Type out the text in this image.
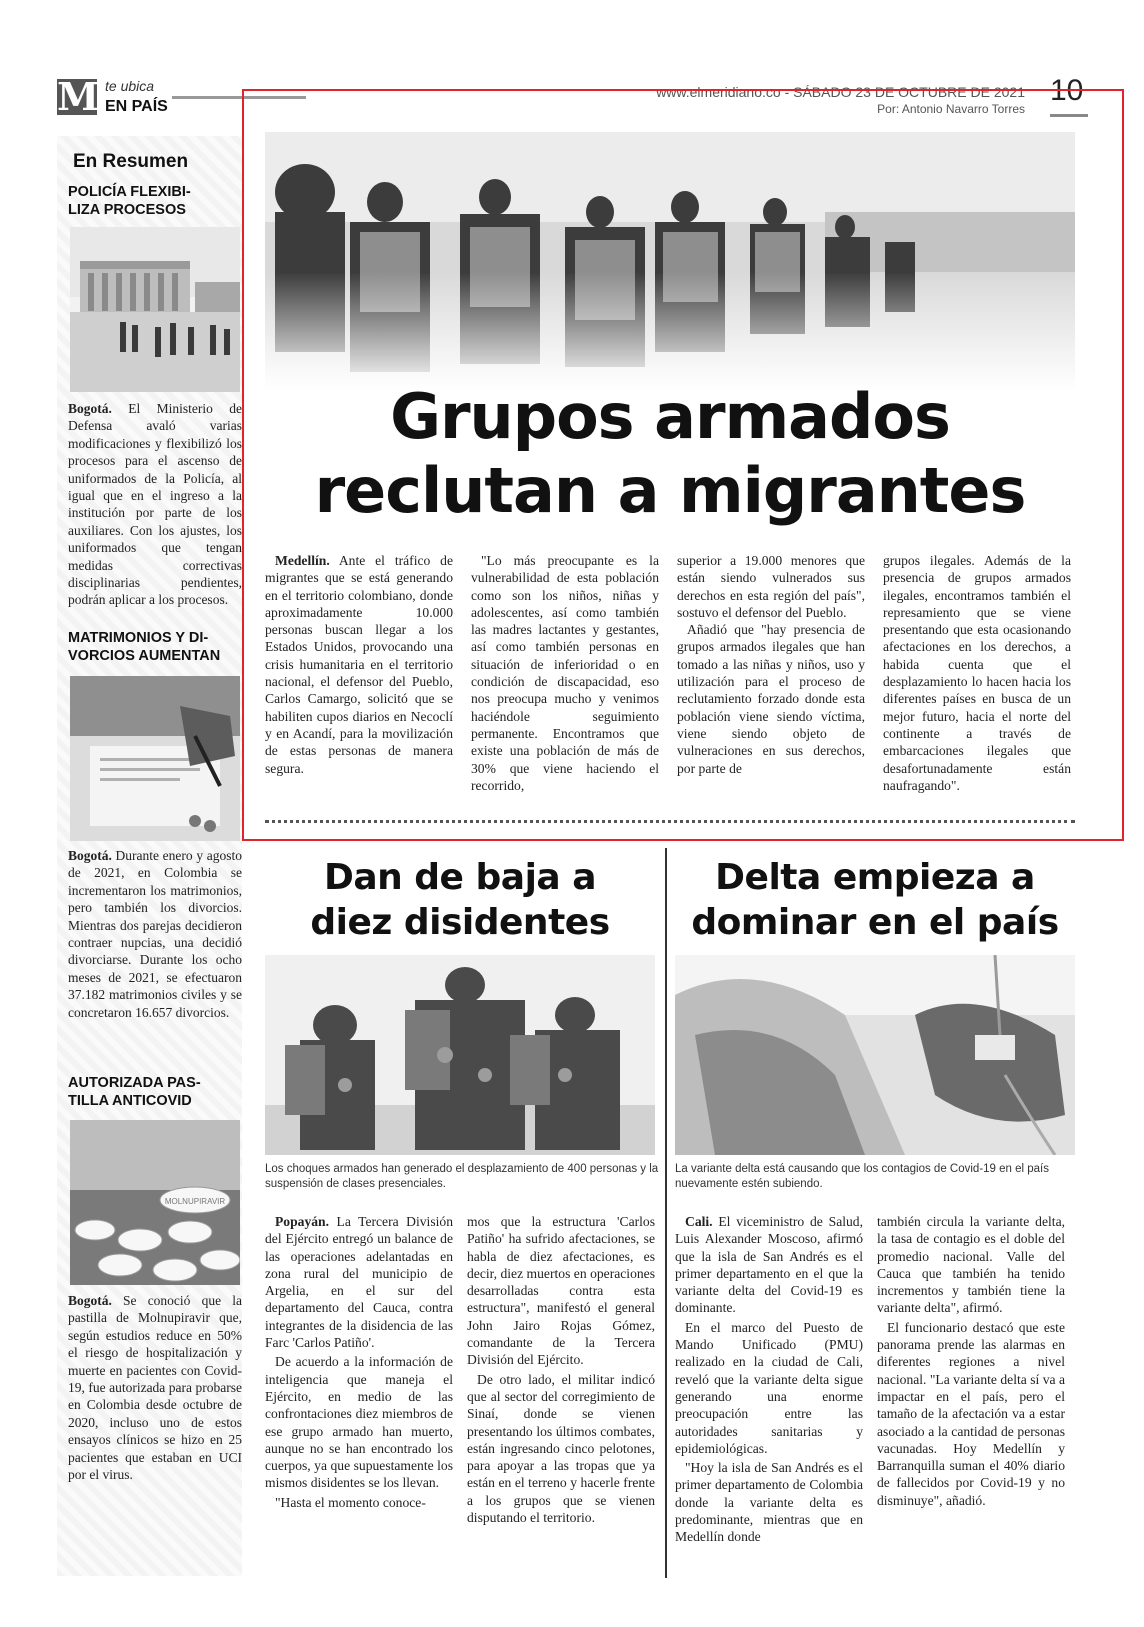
M te ubica
EN PAÍS
www.elmeridiano.co - SÁBADO 23 DE OCTUBRE DE 2021
Por: Antonio Navarro Torres
10
En Resumen
POLICÍA FLEXIBI-
LIZA PROCESOS
Bogotá. El Ministerio de Defensa avaló varias modificaciones y flexibilizó los procesos para el ascenso de uniformados de la Policía, al igual que en el ingreso a la institución por parte de los auxiliares. Con los ajustes, los uniformados que tengan medidas correctivas disciplinarias pendientes, podrán aplicar a los procesos.
MATRIMONIOS Y DI-
VORCIOS AUMENTAN
Bogotá. Durante enero y agosto de 2021, en Colombia se incrementaron los matrimonios, pero también los divorcios. Mientras dos parejas decidieron contraer nupcias, una decidió divorciarse. Durante los ocho meses de 2021, se efectuaron 37.182 matrimonios civiles y se concretaron 16.657 divorcios.
AUTORIZADA PAS-
TILLA ANTICOVID
MOLNUPIRAVIR
Bogotá. Se conoció que la pastilla de Molnupiravir que, según estudios reduce en 50% el riesgo de hospitalización y muerte en pacientes con Covid-19, fue autorizada para probarse en Colombia desde octubre de 2020, incluso uno de estos ensayos clínicos se hizo en 25 pacientes que estaban en UCI por el virus.
Grupos armados
reclutan a migrantes

Medellín. Ante el tráfico de migrantes que se está generando en el territorio colombiano, donde aproximadamente 10.000 personas buscan llegar a los Estados Unidos, provocando una crisis humanitaria en el territorio nacional, el defensor del Pueblo, Carlos Camargo, solicitó que se habiliten cupos diarios en Necoclí y en Acandí, para la movilización de estas personas de manera segura.

"Lo más preocupante es la vulnerabilidad de esta población como son los niños, niñas y adolescentes, así como también las madres lactantes y gestantes, así como también personas en situación de inferioridad o en condición de discapacidad, eso nos preocupa mucho y venimos haciéndole seguimiento permanente. Encontramos que existe una población de más de 30% que viene haciendo el recorrido,

superior a 19.000 menores que están siendo vulnerados sus derechos en esta región del país", sostuvo el defensor del Pueblo.

Añadió que "hay presencia de grupos armados ilegales que han tomado a las niñas y niños, uso y utilización para el proceso de reclutamiento forzado donde esta población viene siendo víctima, viene siendo objeto de vulneraciones en sus derechos, por parte de

grupos ilegales. Además de la presencia de grupos armados ilegales, encontramos también el represamiento que se viene presentando que esta ocasionando afectaciones en los derechos, a habida cuenta que el desplazamiento lo hacen hacia los diferentes países en busca de un mejor futuro, hacia el norte del continente a través de embarcaciones ilegales que desafortunadamente están naufragando".

Dan de baja a
diez disidentes
Los choques armados han generado el desplazamiento de 400 personas y la suspensión de clases presenciales.

Popayán. La Tercera División del Ejército entregó un balance de las operaciones adelantadas en zona rural del municipio de Argelia, en el sur del departamento del Cauca, contra integrantes de la disidencia de las Farc 'Carlos Patiño'.

De acuerdo a la información de inteligencia que maneja el Ejército, en medio de las confrontaciones diez miembros de ese grupo armado han muerto, aunque no se han encontrado los cuerpos, ya que supuestamente los mismos disidentes se los llevan.

"Hasta el momento conoce-

mos que la estructura 'Carlos Patiño' ha sufrido afectaciones, se habla de diez afectaciones, es decir, diez muertos en operaciones desarrolladas contra esta estructura", manifestó el general John Jairo Rojas Gómez, comandante de la Tercera División del Ejército.

De otro lado, el militar indicó que al sector del corregimiento de Sinaí, donde se vienen presentando los últimos combates, están ingresando cinco pelotones, para apoyar a las tropas que ya están en el terreno y hacerle frente a los grupos que se vienen disputando el territorio.

Delta empieza a
dominar en el país
La variante delta está causando que los contagios de Covid-19 en el país nuevamente estén subiendo.

Cali. El viceministro de Salud, Luis Alexander Moscoso, afirmó que la isla de San Andrés es el primer departamento en el que la variante delta del Covid-19 es dominante.

En el marco del Puesto de Mando Unificado (PMU) realizado en la ciudad de Cali, reveló que la variante delta sigue generando una enorme preocupación entre las autoridades sanitarias y epidemiológicas.

"Hoy la isla de San Andrés es el primer departamento de Colombia donde la variante delta es predominante, mientras que en Medellín donde

también circula la variante delta, la tasa de contagio es el doble del promedio nacional. Valle del Cauca que también ha tenido incrementos y también tiene la variante delta", afirmó.

El funcionario destacó que este panorama prende las alarmas en diferentes regiones a nivel nacional. "La variante delta sí va a impactar en el país, pero el tamaño de la afectación va a estar asociado a la cantidad de personas vacunadas. Hoy Medellín y Barranquilla suman el 40% diario de fallecidos por Covid-19 y no disminuye", añadió.
